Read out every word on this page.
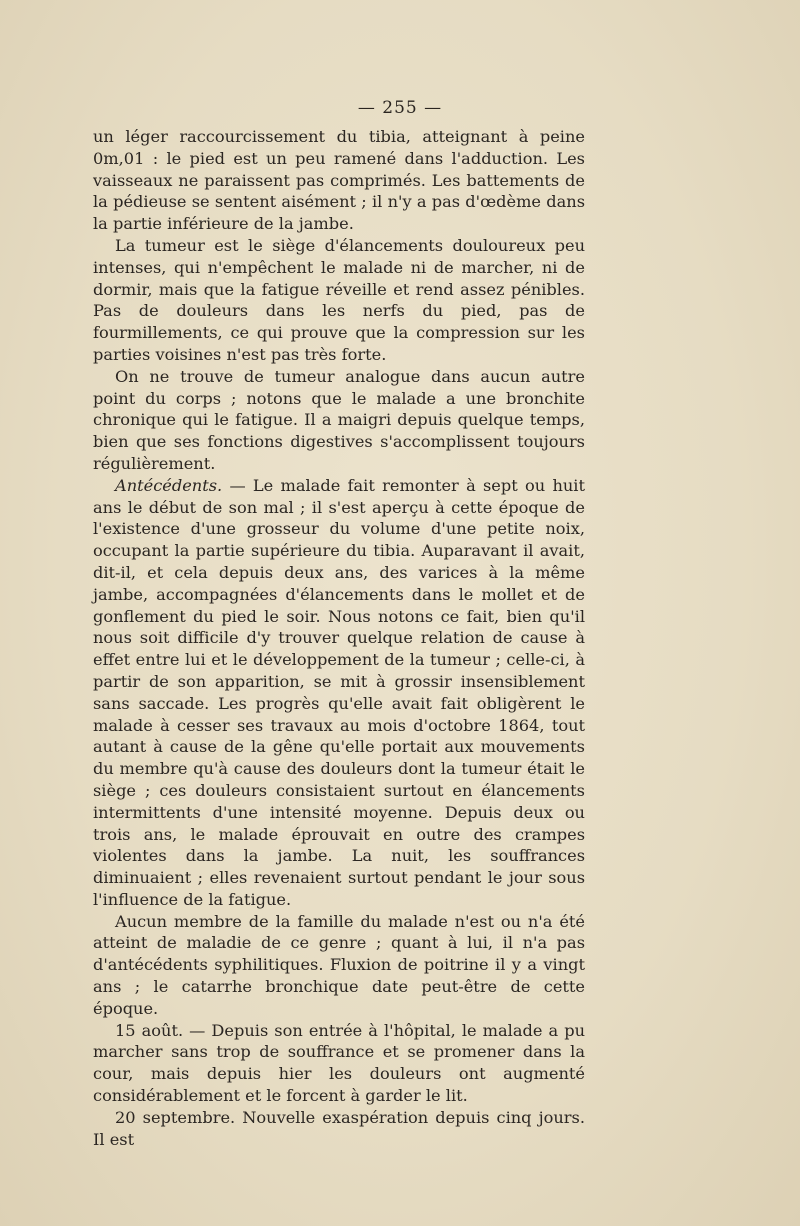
— 255 —

un léger raccourcissement du tibia, atteignant à peine 0m,01 : le pied est un peu ramené dans l'adduction. Les vaisseaux ne paraissent pas comprimés. Les battements de la pédieuse se sentent aisément ; il n'y a pas d'œdème dans la partie inférieure de la jambe.

La tumeur est le siège d'élancements douloureux peu intenses, qui n'empêchent le malade ni de marcher, ni de dormir, mais que la fatigue réveille et rend assez pénibles. Pas de douleurs dans les nerfs du pied, pas de fourmillements, ce qui prouve que la compression sur les parties voisines n'est pas très forte.

On ne trouve de tumeur analogue dans aucun autre point du corps ; notons que le malade a une bronchite chronique qui le fatigue. Il a maigri depuis quelque temps, bien que ses fonctions digestives s'accomplissent toujours régulièrement.

Antécédents. — Le malade fait remonter à sept ou huit ans le début de son mal ; il s'est aperçu à cette époque de l'existence d'une grosseur du volume d'une petite noix, occupant la partie supérieure du tibia. Auparavant il avait, dit-il, et cela depuis deux ans, des varices à la même jambe, accompagnées d'élancements dans le mollet et de gonflement du pied le soir. Nous notons ce fait, bien qu'il nous soit difficile d'y trouver quelque relation de cause à effet entre lui et le développement de la tumeur ; celle-ci, à partir de son apparition, se mit à grossir insensiblement sans saccade. Les progrès qu'elle avait fait obligèrent le malade à cesser ses travaux au mois d'octobre 1864, tout autant à cause de la gêne qu'elle portait aux mouvements du membre qu'à cause des douleurs dont la tumeur était le siège ; ces douleurs consistaient surtout en élancements intermittents d'une intensité moyenne. Depuis deux ou trois ans, le malade éprouvait en outre des crampes violentes dans la jambe. La nuit, les souffrances diminuaient ; elles revenaient surtout pendant le jour sous l'influence de la fatigue.

Aucun membre de la famille du malade n'est ou n'a été atteint de maladie de ce genre ; quant à lui, il n'a pas d'antécédents syphilitiques. Fluxion de poitrine il y a vingt ans ; le catarrhe bronchique date peut-être de cette époque.

15 août. — Depuis son entrée à l'hôpital, le malade a pu marcher sans trop de souffrance et se promener dans la cour, mais depuis hier les douleurs ont augmenté considérablement et le forcent à garder le lit.

20 septembre. Nouvelle exaspération depuis cinq jours. Il est
